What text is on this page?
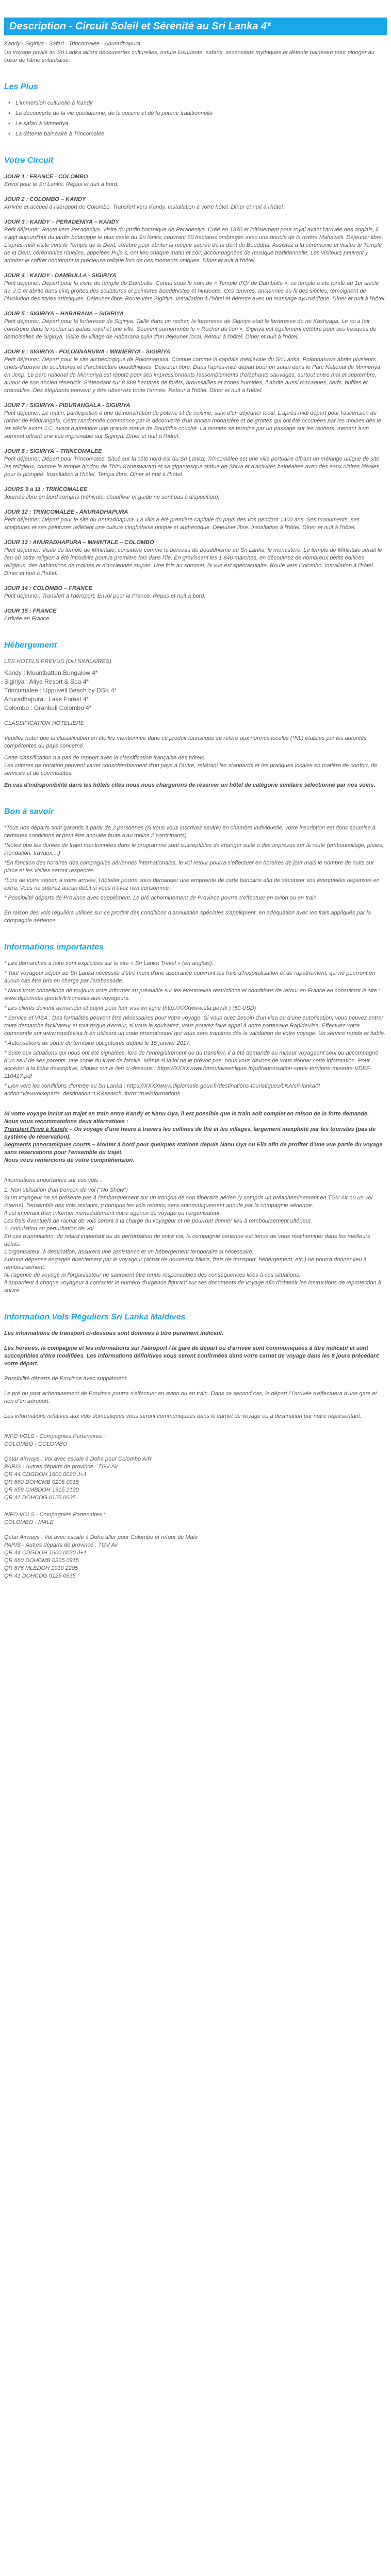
Description - Circuit Soleil et Sérénité au Sri Lanka 4*

Kandy - Sigiriya - Safari - Trincomalee - Anuradhapura

Un voyage privilé au Sri Lanka alliant découvertes culturelles, nature luxuriante, safaris, ascensions mythiques et détente balnéaire pour plonger au cœur de l'âme srilankaise.

Les Plus
• L'immersion culturelle à Kandy
• La découverte de la vie quotidienne, de la cuisine et de la poterie traditionnelle
• Le safari à Minneriya
• La détente balnéaire à Trincomalee
Votre Circuit
JOUR 1 : FRANCE - COLOMBO
Envol pour le Sri Lanka. Repas et nuit à bord.
JOUR 2 : COLOMBO – KANDY
Arrivée et accueil à l'aéroport de Colombo. Transfert vers Kandy. Installation à votre hôtel. Dîner et nuit à l'hôtel.
JOUR 3 : KANDY – PERADENIYA – KANDY
Petit déjeuner. Route vers Peradeniya. Visite du jardin botanique de Peradeniya. Créé en 1370 et initialement pour royal avant l'arrivée des anglais, il s'agit aujourd'hui du jardin botanique le plus vaste du Sri lanka, couvrant 60 hectares ombragés avec une boucle de la rivière Mahaweli. Déjeuner libre. L'après-midi visite vers le Temple de la Dent, célèbre pour abriter la relique sacrée de la dent du Bouddha. Assistez à la cérémonie et visitez le Temple de la Dent, cérémonies rituelles, appelées Puja s, ont lieu chaque matin et soir, accompagnées de musique traditionnelle. Les visiteurs peuvent y admirer le coffret contenant la précieuse relique lors de ces moments uniques. Dîner et nuit à l'hôtel.
JOUR 4 : KANDY - DAMBULLA - SIGIRIYA
Petit déjeuner. Départ pour la visite du temple de Dambulla. Connu sous le nom de « Temple d'Or de Dambulla », ce temple a été fondé au 1er siècle av. J.C et abrite dans cinq grottes des sculptures et peintures bouddhistes et hindoues. Ces œuvres, anciennes au fil des siècles, témoignent de l'évolution des styles artistiques. Déjeuner libre. Route vers Sigiriya. Installation à l'hôtel et détente avec un massage ayurvédique. Dîner et nuit à l'hôtel.
JOUR 5 : SIGIRIYA – HABARANA – SIGIRIYA
Petit déjeuner. Départ pour la forteresse de Sigiriya. Taillé dans un rocher, la forteresse de Sigiriya était la forteresse du roi Kashyapa. Le roi a fait construire dans le rocher un palais royal et une ville. Souvent surnommée le « Rocher du lion », Sigiriya est également célèbre pour ses fresques de demoiselles de Sigiriya. Visite du village de Habarana suivi d'un déjeuner local. Retour à l'hôtel. Dîner et nuit à l'hôtel.
JOUR 6 : SIGIRIYA - POLONNARUWA - MINNERIYA - SIGIRIYA
Petit déjeuner. Départ pour le site archéologique de Polonnaruwa. Connue comme la capitale médiévale du Sri Lanka, Polonnaruwa abrite plusieurs chefs-d'œuvre de sculptures et d'architecture bouddhiques. Déjeuner libre. Dans l'après-midi départ pour un safari dans le Parc National de Minneriya en Jeep. Le parc national de Minneriya est réputé pour ses impressionnants rassemblements d'éléphants sauvages, surtout entre mai et septembre, autour de son ancien réservoir. S'étendant sur 8 889 hectares de forêts, broussailles et zones humides, il abrite aussi macaques, cerfs, buffles et crocodiles. Des éléphants peuvent y être observés toute l'année. Retour à l'hôtel. Dîner et nuit à l'hôtel.
JOUR 7 : SIGIRIYA - PIDURANGALA - SIGIRIYA
Petit déjeuner. Le matin, participation à une démonstration de poterie et de cuisine, suivi d'un déjeuner local. L'après-midi départ pour l'ascension du rocher de Pidurangala. Cette randonnée commence par le découverte d'un ancien monastère et de grottes qui ont été occupées par les moines dès le Ier siècle avant J.C, avant d'atteindre une grande statue de Bouddha couché. La montée se termine par un passage sur les rochers, menant à un sommet offrant une vue imprenable sur Sigiriya. Dîner et nuit à l'hôtel.
JOUR 8 : SIGIRIYA – TRINCOMALEE
Petit déjeuner. Départ pour Trincomalee. Situé sur la côte nord-est du Sri Lanka, Trincomalee est une ville portuaire offrant un mélange unique de site les religieux, comme le temple hindou de Thiru Koneswaram et sa gigantesque statue de Shiva et d'activités balnéaires avec des eaux claires idéales pour la plongée. Installation à l'hôtel. Temps libre. Dîner et nuit à l'hôtel.
JOURS 9 à 11 : TRINCOMALEE
Journée libre en bord compris (véhicule, chauffeur et guide ne sont pas à disposition).
JOUR 12 : TRINCOMALEE - ANURADHAPURA
Petit déjeuner. Départ pour le site du Anuradhapura. La ville a été première capitale du pays des vos pendant 1400 ans. Ses monuments, ses sculptures et ses peintures reflètent une culture cinghalaise unique et authentique. Déjeuner libre. Installation à l'hôtel. Dîner et nuit à l'hôtel.
JOUR 13 : ANURADHAPURA – MIHINTALE – COLOMBO
Petit déjeuner. Visite du temple de Mihintale, considéré comme le berceau du bouddhisme au Sri Lanka, le monastère. Le temple de Mihintale serait le lieu où cette religion a été introduite pour la première fois dans l'île. En gravissant les 1 840 marches, en découvrez de nombreux petits édifices religieux, des habitations de moines et d'anciennes stupas. Une fois au sommet, la vue est spectaculaire. Route vers Colombo. Installation à l'hôtel. Dîner et nuit à l'hôtel.
JOUR 14 : COLOMBO – FRANCE
Petit déjeuner. Transfert à l'aéroport. Envol pour la France. Repas et nuit à bord.
JOUR 15 : FRANCE
Arrivée en France
Hébergement
LES HOTELS PRÉVUS (OU SIMILAIRES)
Kandy : Mountbatten Bungalow 4*
Sigiriya : Aliya Resort & Spa 4*
Trincomalee : Uppuveli Beach by DSK 4*
Anuradhapura : Lake Forest 4*
Colombo : Granbell Colombo 4*
CLASSIFICATION HÔTELIÈRE
Veuillez noter que la classification en étoiles mentionnée dans ce produit touristique se réfère aux normes locales (*NL) établies par les autorités compétentes du pays concerné.
Cette classification n'a pas de rapport avec la classification française des hôtels.
Les critères de notation peuvent varier considérablement d'un pays à l'autre, reflétant les standards et les pratiques locales en matière de confort, de services et de commodités.
En cas d'indisponibilité dans les hôtels cités nous nous chargerons de réserver un hôtel de catégorie similaire sélectionné par nos soins.
Bon à savoir
*Tous nos départs sont garantis à partir de 2 personnes (si vous vous inscrivez seul(e) en chambre individuelle, votre inscription est donc soumise à certaines conditions et peut être annulée faute d'au moins 2 participants)
*Notez que les durées de trajet mentionnées dans le programme sont susceptibles de changer suite à des imprévus sur la route (embouteillage, pluies, inondation, travaux,...)
*En fonction des horaires des compagnies aériennes internationales, le vol retour pourra s'effectuer en horaires de jour mais le nombre de nuits sur place et les visites seront respectés.
*Lors de votre séjour, à votre arrivée, l'hôtelier pourra vous demander une empreinte de carte bancaire afin de sécuriser vos éventuelles dépenses en extra. Vous ne subirez aucun débit si vous n'avez rien consommé.
* Possibilité départs de Province avec supplément. Le pré acheminement de Province pourra s'effectuer en avion ou en train.
En raison des vols réguliers utilisés sur ce produit des conditions d'annulation spéciales s'appliquent, en adéquation avec les frais appliqués par la compagnie aérienne.
Informations importantes
* Les démarches à faire sont expliciées sur le site « Sri Lanka Travel » (en anglais).
* Tout voyageur séjour au Sri Lanka nécessite d'être muni d'une assurance couvrant les frais d'hospitalisation et de rapatriement, qui ne pourront en aucun cas être pris en charge par l'ambassade.
* Nous vous conseillons de toujours vous informer au préalable sur les éventuelles restrictions et conditions de retour en France en consultant le site : www.diplomatie.gouv.fr/fr/conseils-aux-voyageurs.
* Les clients doivent demander et payer pour leur visa en ligne (http://XXXwww.eta.gov.lk ) (50 USD)
* Service et VISA : Des formalités peuvent être nécessaires pour votre voyage. Si vous avez besoin d'un visa ou d'une autorisation, vous pouvez entrer toute demarche facilitateur et tout risque d'erreur, si vous le souhaitez, vous pouvez faire appel à notre partenaire RapideVisa. Effectuez votre commande sur www.rapidevisa.fr en utilisant un code promotionnel qui vous sera transmis dès la validation de votre voyage. Un service rapide et fiable.
* Autorisations de sortie du territoire obligatoires depuis le 15 janvier 2017.
* Suite aux situations qui nous ont été signalées, lors de l'enregistrement ou du transfert, il a été demandé au mineur voyageant seul ou accompagné d'un seul de ses parents, une copie du livret de famille. Même si la loi ne le prévoit pas, nous vous devons de vous donner cette information. Pour accéder à la fiche descriptive, cliquez sur le lien ci-dessous : https://XXXXwww.formulaireenligne.fr/pdf/autorisation-sortie-territoire-mineurs-VDEF-110417.pdf
* Lien vers les conditions d'entrée au Sri Lanka : https://XXXXwww.diplomatie.gouv.fr/destinations-touristiques/LKA/sri-lanka/?action=viewvoiseparts_destination=LK&search_form=trueinformations
Si votre voyage inclut un trajet en train entre Kandy et Nanu Oya, il est possible que le train soit complet en raison de la forte demande.
Nous vous recommandons deux alternatives :
Transfert Privé à Kandy – Un voyage d'une heure à travers les collines de thé et les villages, largement inexploité par les touristes (pas de système de réservation).
Segments panoramiques courts – Monter à bord pour quelques stations depuis Nanu Oya ou Ella afin de profiter d'une vue partie du voyage sans réservations pour l'ensemble du trajet.
Nous vous remercions de votre compréhension.
Informations importantes sur vos vols :
1. Non utilisation d'un tronçon de vol ("No Show")
Si un voyageur ne se présente pas à l'embarquement sur un tronçon de son itinéraire aérien (y compris un préacheminement en TGV Air ou un vol interne), l'ensemble des vols restants, y compris les vols retours, sera automatiquement annulé par la compagnie aérienne.
Il est impératif d'en informer immédiatement votre agence de voyage ou l'organisateur.
Les frais éventuels de rachat de vols seront à la charge du voyageur et ne pourront donner lieu à remboursement ultérieur.
2. Annulation ou perturbation de vol
En cas d'annulation, de retard important ou de perturbation de votre vol, la compagnie aérienne est tenue de vous réacheminer dans les meilleurs délais.
L'organisateur, à destination, assurera une assistance et un hébergement temporaire si nécessaire.
Aucune dépense engagée directement par le voyageur (achat de nouveaux billets, frais de transport, hébergement, etc.) ne pourra donner lieu à remboursement.
Ni l'agence de voyage ni l'organisateur ne sauraient être tenus responsables des conséquences liées à ces situations.
Il appartient à chaque voyageur à contacter le numéro d'urgence figurant sur ses documents de voyage afin d'obtenir les instructions de reprotection à suivre.
Information Vols Réguliers Sri Lanka Maldives
Les informations de transport ci-dessous sont données à titre purement indicatif.
Les horaires, la compagnie et les informations sur l'aéroport / la gare de départ ou d'arrivée sont communiquées à titre indicatif et sont susceptibles d'être modifiées. Les informations définitives vous seront confirmées dans votre carnet de voyage dans les 8 jours précédant votre départ.
Possibilité départs de Province avec supplément.
Le pré ou post acheminement de Province pourra s'effectuer en avion ou en train. Dans ce second cas, le départ / l'arrivée s'effectuera d'une gare et non d'un aéroport.
Les informations relatives aux vols domestiques vous seront communiquées dans le carnet de voyage ou à destination par notre représentant.
INFO VOLS - Compagnies Partenaires :
COLOMBO - COLOMBO
Qatar Airways : Vol avec escale à Doha pour Colombo A/R
PARIS - Autres départs de province : TGV Air
QR 44 CDGDOH 1600 0020 J+1
QR 660 DOHCMB 0205 0915
QR 659 CMBDOH 1915 2130
QR 41 DOHCDG 0125 0635
INFO VOLS - Compagnies Partenaires :
COLOMBO - MALE
Qatar Airways : Vol avec escale à Doha aller pour Colombo et retour de Male
PARIS - Autres départs de province : TGV Air
QR 44 CDGDOH 1600 0020 J+1
QR 660 DOHCMB 0205 0915
QR 676 MLEDOH 1910 2205
QR 41 DOHCDG 0125 0635
